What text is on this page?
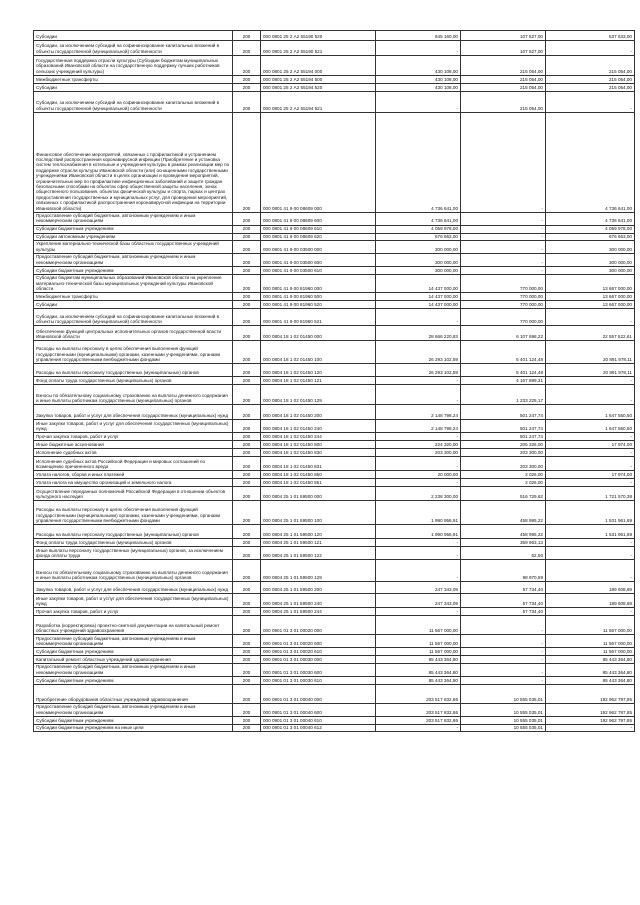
Субсидии	200	000 0801 25 2 А2 55190 520	645 160,00	107 527,00	537 633,00
Субсидии, за исключением субсидий на софинансирование капитальных вложений в объекты государственной (муниципальной) собственности	200	000 0801 25 2 А2 55190 521	-	107 527,00	-
Государственная поддержка отрасли культуры (Субсидии бюджетам муниципальных образований Ивановской области на государственную поддержку лучших работников сельских учреждений культуры)	200	000 0801 25 2 А2 55194 000	430 108,00	215 054,00	215 054,00
Межбюджетные трансферты	200	000 0801 25 2 А2 55194 500	430 108,00	215 054,00	215 054,00
Субсидии	200	000 0801 25 2 А2 55194 520	430 108,00	215 054,00	215 054,00
Субсидии, за исключением субсидий на софинансирование капитальных вложений в объекты государственной (муниципальной) собственности	200	000 0801 25 2 А2 55194 521	-	215 054,00	-
Финансовое обеспечение мероприятий, связанных с профилактикой и устранением последствий распространения коронавирусной инфекции (Приобретение и установка систем теплоснабжения в котельные и учреждения культуры в рамках реализации мер по поддержке отрасли культуры Ивановской области (или) оснащенными государственными учреждениями Ивановской области в целях организации и проведения мероприятий, ограничительных мер по профилактике инфекционных заболеваний и защите граждан безопасными способами на объектах сфер общественной защиты населения, зонах общественного пользования, объектах физической культуры и спорта, парках и центрах предоставления государственных и муниципальных услуг, для проведения мероприятий, связанных с профилактикой распространения коронавирусной инфекции на территории Ивановской области)	200	000 0801 41 9 00 08609 000	4 736 641,00	-	4 736 641,00
Предоставление субсидий бюджетным, автономным учреждениям и иным некоммерческим организациям	200	000 0801 41 9 00 08609 600	4 736 641,00	-	4 736 641,00
Субсидии бюджетным учреждениям	200	000 0801 41 9 00 08609 610	4 059 978,00	-	4 059 978,00
Субсидии автономным учреждениям	200	000 0801 41 9 00 08609 620	676 663,00	-	676 663,00
Укрепление материально-технической базы областных государственных учреждений культуры	200	000 0801 41 9 00 03500 000	300 000,00	-	300 000,00
Предоставление субсидий бюджетным, автономным учреждениям и иным некоммерческим организациям	200	000 0801 41 9 00 03500 600	300 000,00	-	300 000,00
Субсидии бюджетным учреждениям	200	000 0801 41 9 00 03500 610	300 000,00	-	300 000,00
Субсидии бюджетам муниципальных образований Ивановской области на укрепление материально-технической базы муниципальных учреждений культуры Ивановской области	200	000 0801 41 9 00 81960 000	14 437 000,00	770 000,00	13 667 000,00
Межбюджетные трансферты	200	000 0801 41 9 00 81960 500	14 437 000,00	770 000,00	13 667 000,00
Субсидии	200	000 0801 41 9 00 81960 520	14 437 000,00	770 000,00	13 667 000,00
Субсидии, за исключением субсидий на софинансирование капитальных вложений в объекты государственной (муниципальной) собственности	200	000 0801 41 9 00 81960 521	-	770 000,00	-
Обеспечение функций центральных исполнительных органов государственной власти Ивановской области	200	000 0804 18 1 02 01450 000	28 666 220,83	6 107 698,22	22 557 522,61
Расходы на выплаты персоналу в целях обеспечения выполнения функций государственными (муниципальными) органами, казенными учреждениями, органами управления государственными внебюджетными фондами	200	000 0804 18 1 02 01450 100	26 293 102,59	5 401 124,48	20 891 978,11
Расходы на выплаты персоналу государственных (муниципальных) органов	200	000 0804 18 1 02 01450 120	26 293 102,59	5 401 124,48	20 891 978,11
Фонд оплаты труда государственных (муниципальных) органов	200	000 0804 18 1 02 01450 121	-	4 167 899,31	-
Взносы по обязательному социальному страхованию на выплаты денежного содержания и иные выплаты работникам государственных (муниципальных) органов	200	000 0804 18 1 02 01450 129	-	1 233 225,17	-
Закупка товаров, работ и услуг для обеспечения государственных (муниципальных) нужд	200	000 0804 18 1 02 01450 200	2 148 798,24	501 247,74	1 647 550,50
Иные закупки товаров, работ и услуг для обеспечения государственных (муниципальных) нужд	200	000 0804 18 1 02 01450 240	2 148 798,24	501 247,74	1 647 550,50
Прочая закупка товаров, работ и услуг	200	000 0804 18 1 02 01450 244	-	501 247,74	-
Иные бюджетные ассигнования	200	000 0804 18 1 02 01450 800	224 320,00	205 326,00	17 974,00
Исполнение судебных актов	200	000 0804 18 1 02 01450 830	203 300,00	203 300,00	-
Исполнение судебных актов Российской Федерации и мировых соглашений по возмещению причиненного вреда	200	000 0804 18 1 02 01450 831	-	203 300,00	-
Уплата налогов, сборов и иных платежей	200	000 0804 18 1 02 01450 850	20 000,00	2 026,00	17 974,00
Уплата налога на имущество организаций и земельного налога	200	000 0804 18 1 02 01450 851	-	2 026,00	-
Осуществление переданных полномочий Российской Федерации в отношении объектов культурного наследия	200	000 0804 25 1 01 59500 000	2 238 300,00	516 729,62	1 721 570,38
Расходы на выплаты персоналу в целях обеспечения выполнения функций государственными (муниципальными) органами, казенными учреждениями, органами управления государственными внебюджетными фондами	200	000 0804 25 1 01 59500 100	1 990 956,91	458 995,22	1 531 961,69
Расходы на выплаты персоналу государственных (муниципальных) органов	200	000 0804 25 1 01 59500 120	1 990 956,91	458 995,22	1 531 961,69
Фонд оплаты труда государственных (муниципальных) органов	200	000 0804 25 1 01 59500 121	-	359 963,13	-
Иные выплаты персоналу государственных (муниципальных) органов, за исключением фонда оплаты труда	200	000 0804 25 1 01 59500 122	-	62,50	-
Взносы по обязательному социальному страхованию на выплаты денежного содержания и иные выплаты работникам государственных (муниципальных) органов	200	000 0804 25 1 01 59500 129	-	98 970,59	-
Закупка товаров, работ и услуг для обеспечения государственных (муниципальных) нужд	200	000 0804 25 1 01 59500 200	247 343,09	57 734,40	189 608,69
Иные закупки товаров, работ и услуг для обеспечения государственных (муниципальных) нужд	200	000 0804 25 1 01 59500 240	247 343,09	57 734,40	189 608,69
Прочая закупка товаров, работ и услуг	200	000 0804 25 1 01 59500 244	-	57 734,40	-
Разработка (корректировка) проектно-сметной документации на капитальный ремонт областных учреждений здравоохранения	200	000 0901 01 3 01 00020 000	11 567 000,00	-	11 567 000,00
Предоставление субсидий бюджетным, автономным учреждениям и иным некоммерческим организациям	200	000 0901 01 3 01 00020 600	11 567 000,00	-	11 567 000,00
Субсидии бюджетным учреждениям	200	000 0901 01 3 01 00020 610	11 567 000,00	-	11 567 000,00
Капитальный ремонт областных учреждений здравоохранения	200	000 0901 01 3 01 00030 000	85 443 364,80	-	85 443 364,80
Предоставление субсидий бюджетным, автономным учреждениям и иным некоммерческим организациям	200	000 0901 01 3 01 00030 600	85 443 364,80	-	85 443 364,80
Субсидии бюджетным учреждениям	200	000 0901 01 3 01 00030 610	85 443 364,80	-	85 443 364,80
Приобретение оборудования областных учреждений здравоохранения	200	000 0901 01 3 01 00040 000	203 517 832,86	10 555 035,01	192 962 797,85
Предоставление субсидий бюджетным, автономным учреждениям и иным некоммерческим организациям	200	000 0901 01 3 01 00040 600	203 517 832,86	10 555 035,01	192 962 797,85
Субсидии бюджетным учреждениям	200	000 0901 01 3 01 00040 610	203 517 832,86	10 555 035,01	192 962 797,85
Субсидии бюджетным учреждениям на иные цели	200	000 0901 01 3 01 00040 612	-	10 555 035,01	-
